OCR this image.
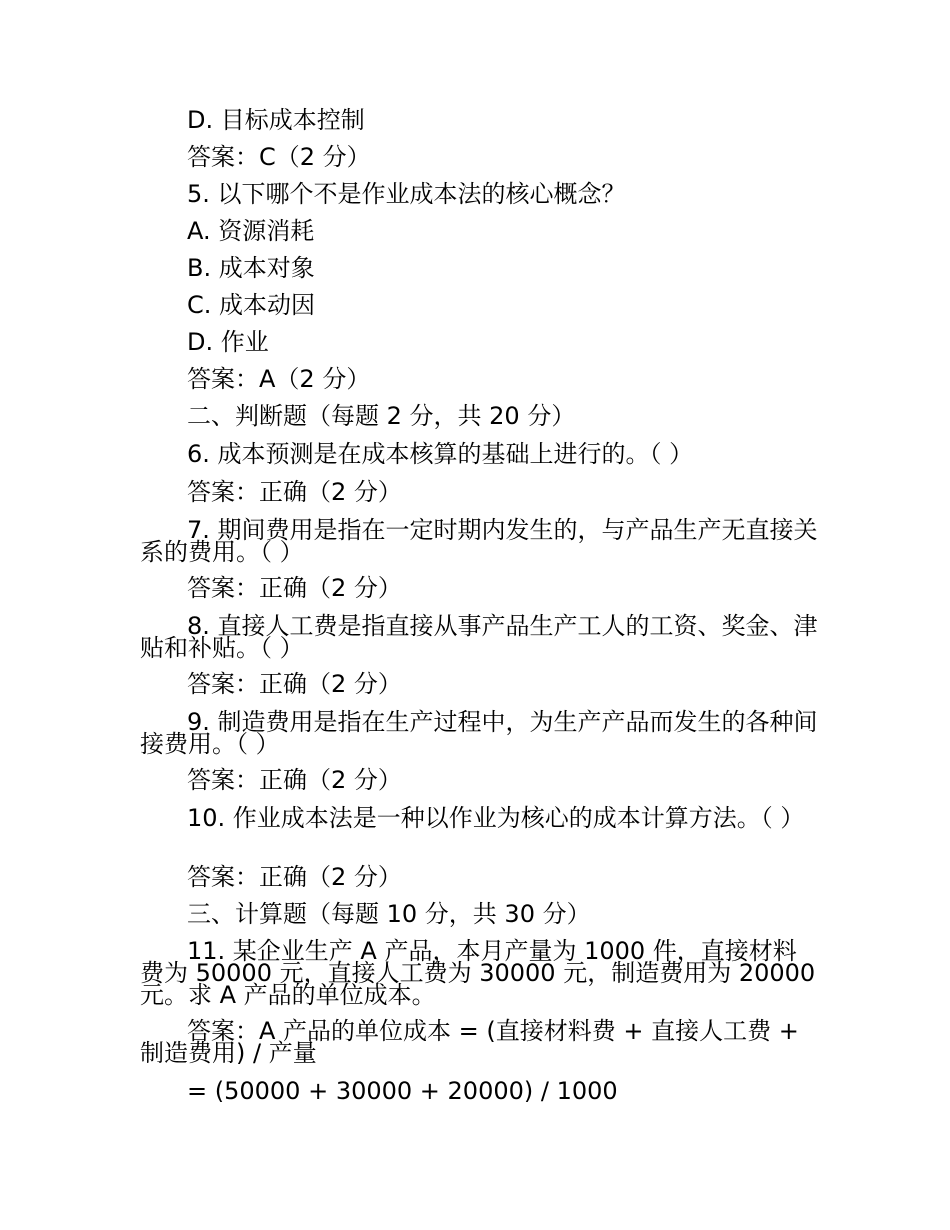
D. 目标成本控制
答案：C（2 分）
5. 以下哪个不是作业成本法的核心概念？
A. 资源消耗
B. 成本对象
C. 成本动因
D. 作业
答案：A（2 分）
二、判断题（每题 2 分，共 20 分）
6. 成本预测是在成本核算的基础上进行的。（ ）
答案：正确（2 分）
7. 期间费用是指在一定时期内发生的，与产品生产无直接关系的费用。（ ）
答案：正确（2 分）
8. 直接人工费是指直接从事产品生产工人的工资、奖金、津贴和补贴。（ ）
答案：正确（2 分）
9. 制造费用是指在生产过程中，为生产产品而发生的各种间接费用。（ ）
答案：正确（2 分）
10. 作业成本法是一种以作业为核心的成本计算方法。（ ）
答案：正确（2 分）
三、计算题（每题 10 分，共 30 分）
11. 某企业生产 A 产品，本月产量为 1000 件，直接材料费为 50000 元，直接人工费为 30000 元，制造费用为 20000 元。求 A 产品的单位成本。
答案：A 产品的单位成本 = (直接材料费 + 直接人工费 + 制造费用) / 产量
= (50000 + 30000 + 20000) / 1000
